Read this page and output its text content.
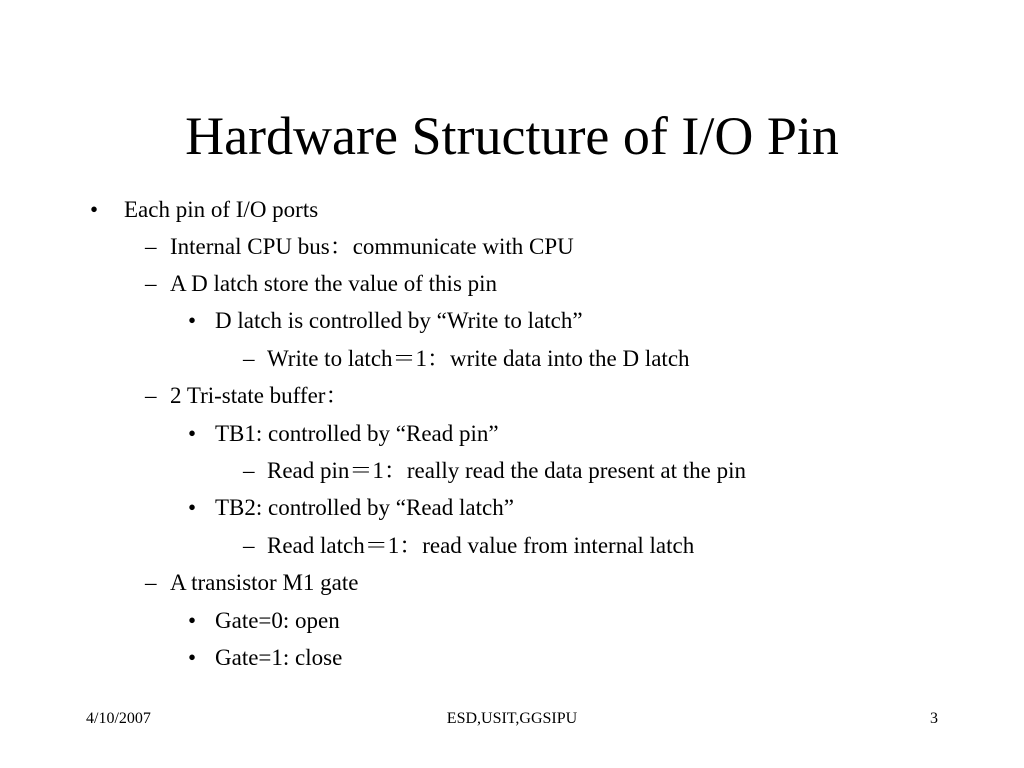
Hardware Structure of I/O Pin
• Each pin of I/O ports
– Internal CPU bus：communicate with CPU
– A D latch store the value of this pin
• D latch is controlled by “Write to latch”
– Write to latch＝1：write data into the D latch
– 2 Tri-state buffer：
• TB1: controlled by “Read pin”
– Read pin＝1：really read the data present at the pin
• TB2: controlled by “Read latch”
– Read latch＝1：read value from internal latch
– A transistor M1 gate
• Gate=0: open
• Gate=1: close
4/10/2007	ESD,USIT,GGSIPU	3
